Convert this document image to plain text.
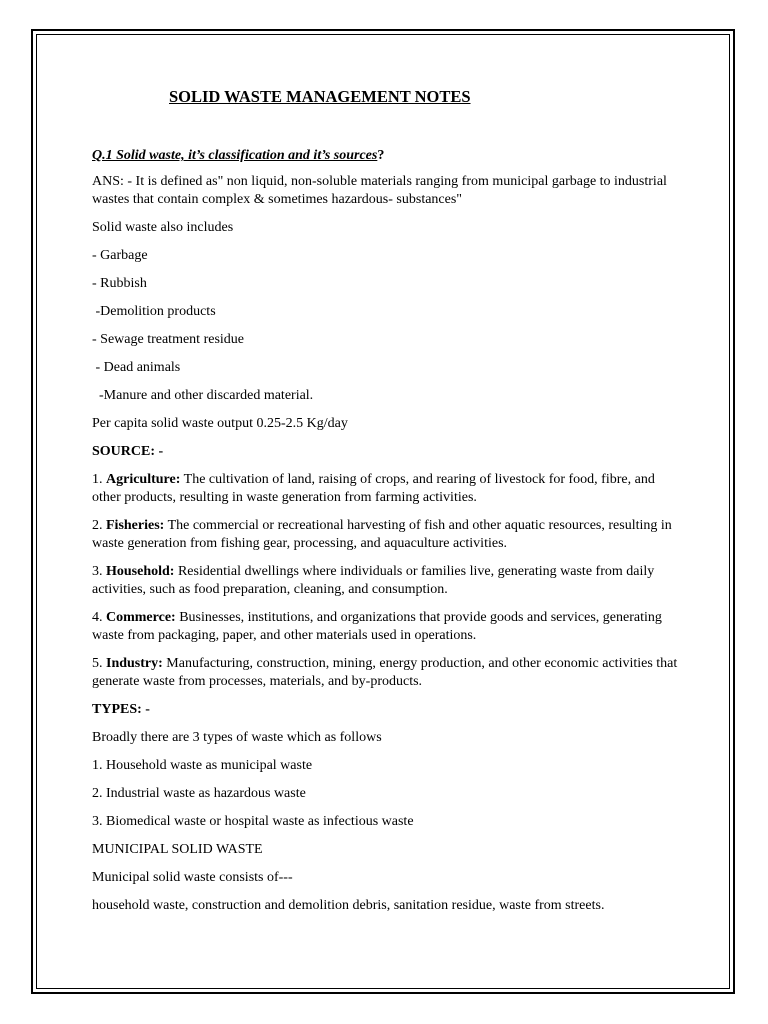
SOLID WASTE MANAGEMENT NOTES

Q.1 Solid waste, it’s classification and it’s sources?

ANS: - It is defined as" non liquid, non-soluble materials ranging from municipal garbage to industrial wastes that contain complex & sometimes hazardous- substances"

Solid waste also includes

- Garbage

- Rubbish

-Demolition products

- Sewage treatment residue

- Dead animals

-Manure and other discarded material.

Per capita solid waste output 0.25-2.5 Kg/day

SOURCE: -

1. Agriculture: The cultivation of land, raising of crops, and rearing of livestock for food, fibre, and other products, resulting in waste generation from farming activities.

2. Fisheries: The commercial or recreational harvesting of fish and other aquatic resources, resulting in waste generation from fishing gear, processing, and aquaculture activities.

3. Household: Residential dwellings where individuals or families live, generating waste from daily activities, such as food preparation, cleaning, and consumption.

4. Commerce: Businesses, institutions, and organizations that provide goods and services, generating waste from packaging, paper, and other materials used in operations.

5. Industry: Manufacturing, construction, mining, energy production, and other economic activities that generate waste from processes, materials, and by-products.

TYPES: -

Broadly there are 3 types of waste which as follows

1. Household waste as municipal waste

2. Industrial waste as hazardous waste

3. Biomedical waste or hospital waste as infectious waste

MUNICIPAL SOLID WASTE

Municipal solid waste consists of---

household waste, construction and demolition debris, sanitation residue, waste from streets.
